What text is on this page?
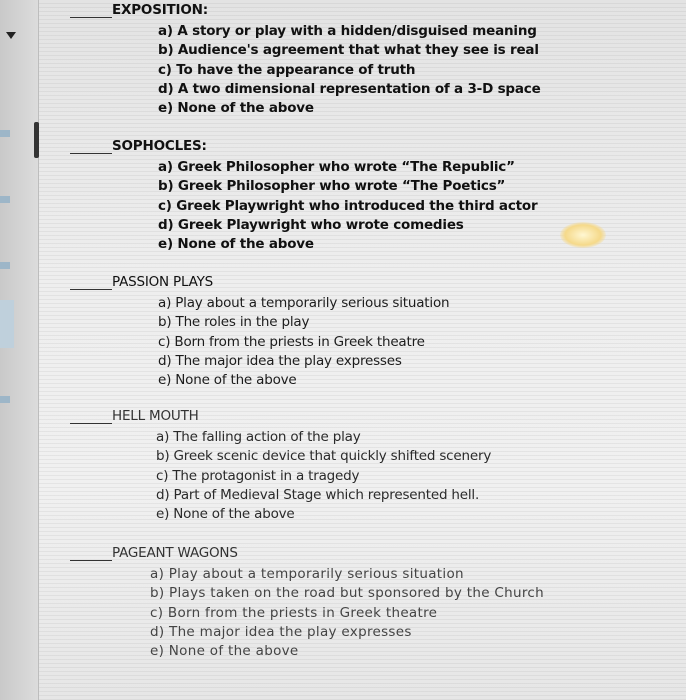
EXPOSITION:
a) A story or play with a hidden/disguised meaning
b) Audience's agreement that what they see is real
c) To have the appearance of truth
d) A two dimensional representation of a 3-D space
e) None of the above
SOPHOCLES:
a) Greek Philosopher who wrote “The Republic”
b) Greek Philosopher who wrote “The Poetics”
c) Greek Playwright who introduced the third actor
d) Greek Playwright who wrote comedies
e) None of the above
PASSION PLAYS
a) Play about a temporarily serious situation
b) The roles in the play
c) Born from the priests in Greek theatre
d) The major idea the play expresses
e) None of the above
HELL MOUTH
a) The falling action of the play
b) Greek scenic device that quickly shifted scenery
c) The protagonist in a tragedy
d) Part of Medieval Stage which represented hell.
e) None of the above
PAGEANT WAGONS
a) Play about a temporarily serious situation
b) Plays taken on the road but sponsored by the Church
c) Born from the priests in Greek theatre
d) The major idea the play expresses
e) None of the above
